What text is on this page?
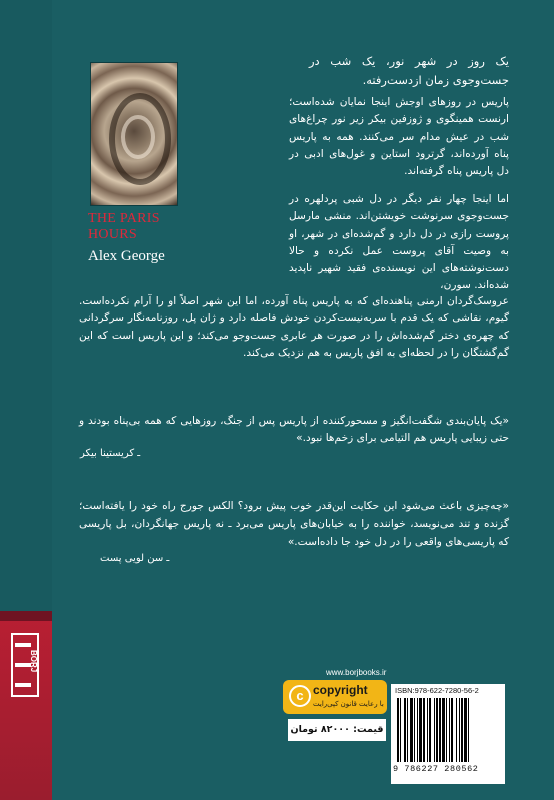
BORJ
THE PARIS
HOURS
Alex George
یک روز در شهر نور، یک شب در جست‌وجوی زمان ازدست‌رفته.
پاریس در روزهای اوجش اینجا نمایان شده‌است؛ ارنست همینگوی و ژوزفین بیکر زیر نور چراغ‌های شب در عیش مدام سر می‌کنند. همه به پاریس پناه آورده‌اند، گرترود استاین و غول‌های ادبی در دل پاریس پناه گرفته‌اند.
اما اینجا چهار نفر دیگر در دل شبی پردلهره در جست‌وجوی سرنوشت خویشتن‌اند. منشی مارسل پروست رازی در دل دارد و گم‌شده‌ای در شهر، او به وصیت آقای پروست عمل نکرده و حالا دست‌نوشته‌های این نویسنده‌ی فقید شهیر ناپدید شده‌اند. سورن،
عروسک‌گردان ارمنی پناهنده‌ای که به پاریس پناه آورده، اما این شهر اصلاً او را آرام نکرده‌است. گیوم، نقاشی که یک قدم با سربه‌نیست‌کردن خودش فاصله دارد و ژان پل، روزنامه‌نگار سرگردانی که چهره‌ی دختر گم‌شده‌اش را در صورت هر عابری جست‌وجو می‌کند؛ و این پاریس است که این گم‌گشتگان را در لحظه‌ای به افق پاریس به هم نزدیک می‌کند.
«یک پایان‌بندی شگفت‌انگیز و مسحورکننده از پاریس پس از جنگ، روزهایی که همه بی‌پناه بودند و حتی زیبایی پاریس هم التیامی برای زخم‌ها نبود.»
ـ کریستینا بیکر
«چه‌چیزی باعث می‌شود این حکایت این‌قدر خوب پیش برود؟ الکس جورج راه خود را یافته‌است؛ گزنده و تند می‌نویسد، خواننده را به خیابان‌های پاریس می‌برد ـ نه پاریس جهانگردان، بل پاریسی که پاریسی‌های واقعی را در دل خود جا داده‌است.»
ـ سن لویی پست
www.borjbooks.ir
c copyright
با رعایت قانون کپی‌رایت
قیمت: ۸۲۰۰۰ تومان
ISBN:978-622-7280-56-2
9 786227 280562
